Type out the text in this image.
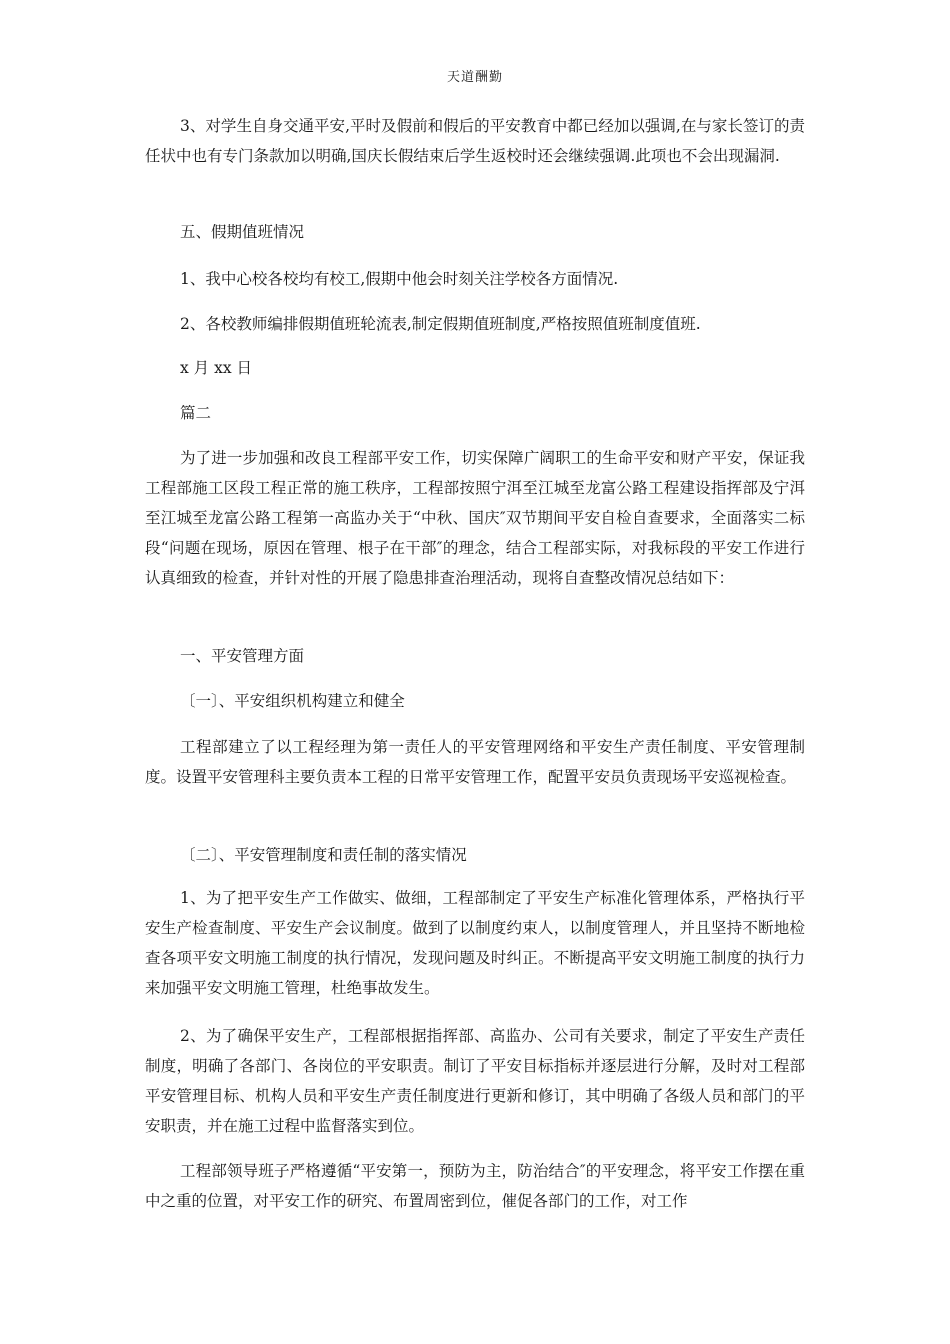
天道酬勤

3、对学生自身交通平安,平时及假前和假后的平安教育中都已经加以强调,在与家长签订的责任状中也有专门条款加以明确,国庆长假结束后学生返校时还会继续强调.此项也不会出现漏洞.

五、假期值班情况

1、我中心校各校均有校工,假期中他会时刻关注学校各方面情况.

2、各校教师编排假期值班轮流表,制定假期值班制度,严格按照值班制度值班.

x 月 xx 日

篇二

为了进一步加强和改良工程部平安工作，切实保障广阔职工的生命平安和财产平安，保证我工程部施工区段工程正常的施工秩序，工程部按照宁洱至江城至龙富公路工程建设指挥部及宁洱至江城至龙富公路工程第一高监办关于“中秋、国庆″双节期间平安自检自查要求，全面落实二标段“问题在现场，原因在管理、根子在干部″的理念，结合工程部实际，对我标段的平安工作进行认真细致的检查，并针对性的开展了隐患排查治理活动，现将自查整改情况总结如下：

一、平安管理方面

〔一〕、平安组织机构建立和健全

工程部建立了以工程经理为第一责任人的平安管理网络和平安生产责任制度、平安管理制度。设置平安管理科主要负责本工程的日常平安管理工作，配置平安员负责现场平安巡视检查。

〔二〕、平安管理制度和责任制的落实情况

1、为了把平安生产工作做实、做细，工程部制定了平安生产标准化管理体系，严格执行平安生产检查制度、平安生产会议制度。做到了以制度约束人，以制度管理人，并且坚持不断地检查各项平安文明施工制度的执行情况，发现问题及时纠正。不断提高平安文明施工制度的执行力来加强平安文明施工管理，杜绝事故发生。

2、为了确保平安生产，工程部根据指挥部、高监办、公司有关要求，制定了平安生产责任制度，明确了各部门、各岗位的平安职责。制订了平安目标指标并逐层进行分解，及时对工程部平安管理目标、机构人员和平安生产责任制度进行更新和修订，其中明确了各级人员和部门的平安职责，并在施工过程中监督落实到位。

工程部领导班子严格遵循“平安第一，预防为主，防治结合″的平安理念，将平安工作摆在重中之重的位置，对平安工作的研究、布置周密到位，催促各部门的工作，对工作
